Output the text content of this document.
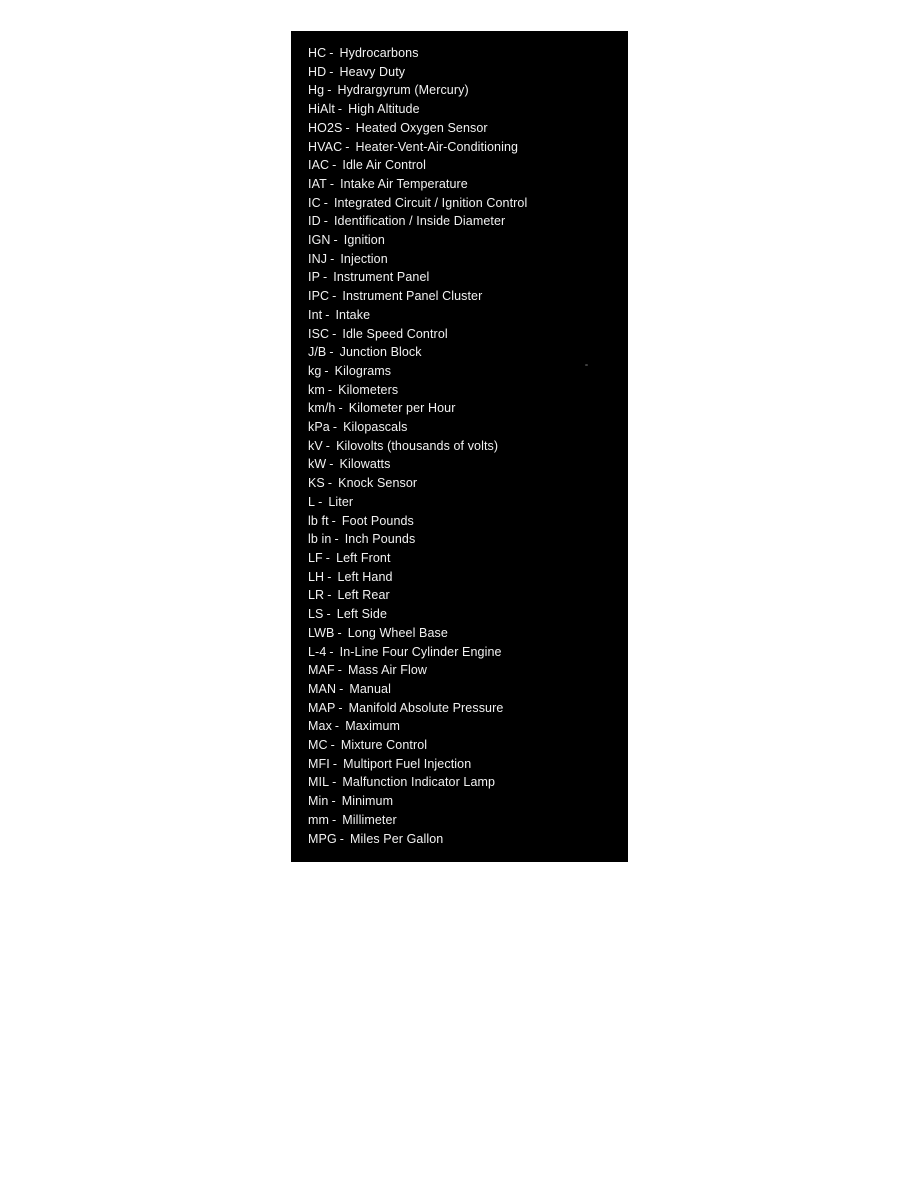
HC - Hydrocarbons
HD - Heavy Duty
Hg - Hydrargyrum (Mercury)
HiAlt - High Altitude
HO2S - Heated Oxygen Sensor
HVAC - Heater-Vent-Air-Conditioning
IAC - Idle Air Control
IAT - Intake Air Temperature
IC - Integrated Circuit / Ignition Control
ID - Identification / Inside Diameter
IGN - Ignition
INJ - Injection
IP - Instrument Panel
IPC - Instrument Panel Cluster
Int - Intake
ISC - Idle Speed Control
J/B - Junction Block
kg - Kilograms
km - Kilometers
km/h - Kilometer per Hour
kPa - Kilopascals
kV - Kilovolts (thousands of volts)
kW - Kilowatts
KS - Knock Sensor
L - Liter
lb ft - Foot Pounds
lb in - Inch Pounds
LF - Left Front
LH - Left Hand
LR - Left Rear
LS - Left Side
LWB - Long Wheel Base
L-4 - In-Line Four Cylinder Engine
MAF - Mass Air Flow
MAN - Manual
MAP - Manifold Absolute Pressure
Max - Maximum
MC - Mixture Control
MFI - Multiport Fuel Injection
MIL - Malfunction Indicator Lamp
Min - Minimum
mm - Millimeter
MPG - Miles Per Gallon
